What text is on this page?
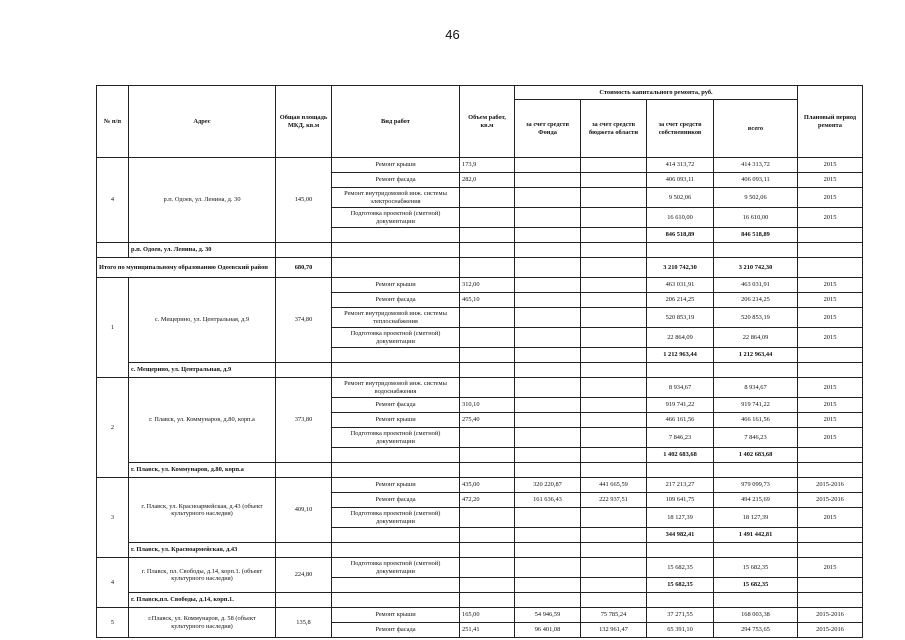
46
№ п/п	Адрес	Общая площадь МКД, кв.м	Вид работ	Объем работ, кв.м	Стоимость капитального ремонта, руб.				Плановый период ремонта
					за счет средств Фонда	за счет средств бюджета области	за счет средств собственников	всего	
4	р.п. Одоев, ул. Ленина, д. 30	145,00	Ремонт крыши	173,9			414 313,72	414 313,72	2015
			Ремонт фасада	282,0			406 093,11	406 093,11	2015
			Ремонт внутридомовой инж. системы электроснабжения				9 502,06	9 502,06	2015
			Подготовка проектной (сметной) документации				16 610,00	16 610,00	2015
							846 518,89	846 518,89	
	р.п. Одоев, ул. Ленина, д. 30								
Итого по муниципальному образованию Одоевский район		680,70					3 210 742,30	3 210 742,30	
1	с. Мещерино, ул. Центральная, д.9	374,80	Ремонт крыши	312,00			463 031,91	463 031,91	2015
			Ремонт фасада	465,10			206 214,25	206 214,25	2015
			Ремонт внутридомовой инж. системы теплоснабжения				520 853,19	520 853,19	2015
			Подготовка проектной (сметной) документации				22 864,09	22 864,09	2015
							1 212 963,44	1 212 963,44	
	с. Мещерино, ул. Центральная, д.9								
2	г. Плавск, ул. Коммунаров, д.80, корп.а	373,80	Ремонт внутридомовой инж. системы водоснабжения				8 934,67	8 934,67	2015
			Ремонт фасада	310,10			919 741,22	919 741,22	2015
			Ремонт крыши	275,40			466 161,56	466 161,56	2015
			Подготовка проектной (сметной) документации				7 846,23	7 846,23	2015
							1 402 683,68	1 402 683,68	
	г. Плавск, ул. Коммунаров, д.80, корп.а								
3	г. Плавск, ул. Красноармейская, д.43 (объект культурного наследия)	409,10	Ремонт крыши	435,00	320 220,87	441 665,59	217 213,27	979 099,73	2015-2016
			Ремонт фасада	472,20	161 636,43	222 937,51	109 641,75	494 215,69	2015-2016
			Подготовка проектной (сметной) документации				18 127,39	18 127,39	2015
							344 982,41	1 491 442,81	
	г. Плавск, ул. Красноармейская, д.43								
4	г. Плавск, пл. Свободы, д.14, корп.1. (объект культурного наследия)	224,80	Подготовка проектной (сметной) документации				15 682,35	15 682,35	2015
							15 682,35	15 682,35	
	г. Плавск,пл. Свободы, д.14, корп.1.								
5	г.Плавск, ул. Коммунаров, д. 58 (объект культурного наследия)	135,8	Ремонт крыши	165,00	54 946,59	75 785,24	37 271,55	168 003,38	2015-2016
			Ремонт фасада	251,41	96 401,08	132 961,47	65 391,10	294 753,65	2015-2016
